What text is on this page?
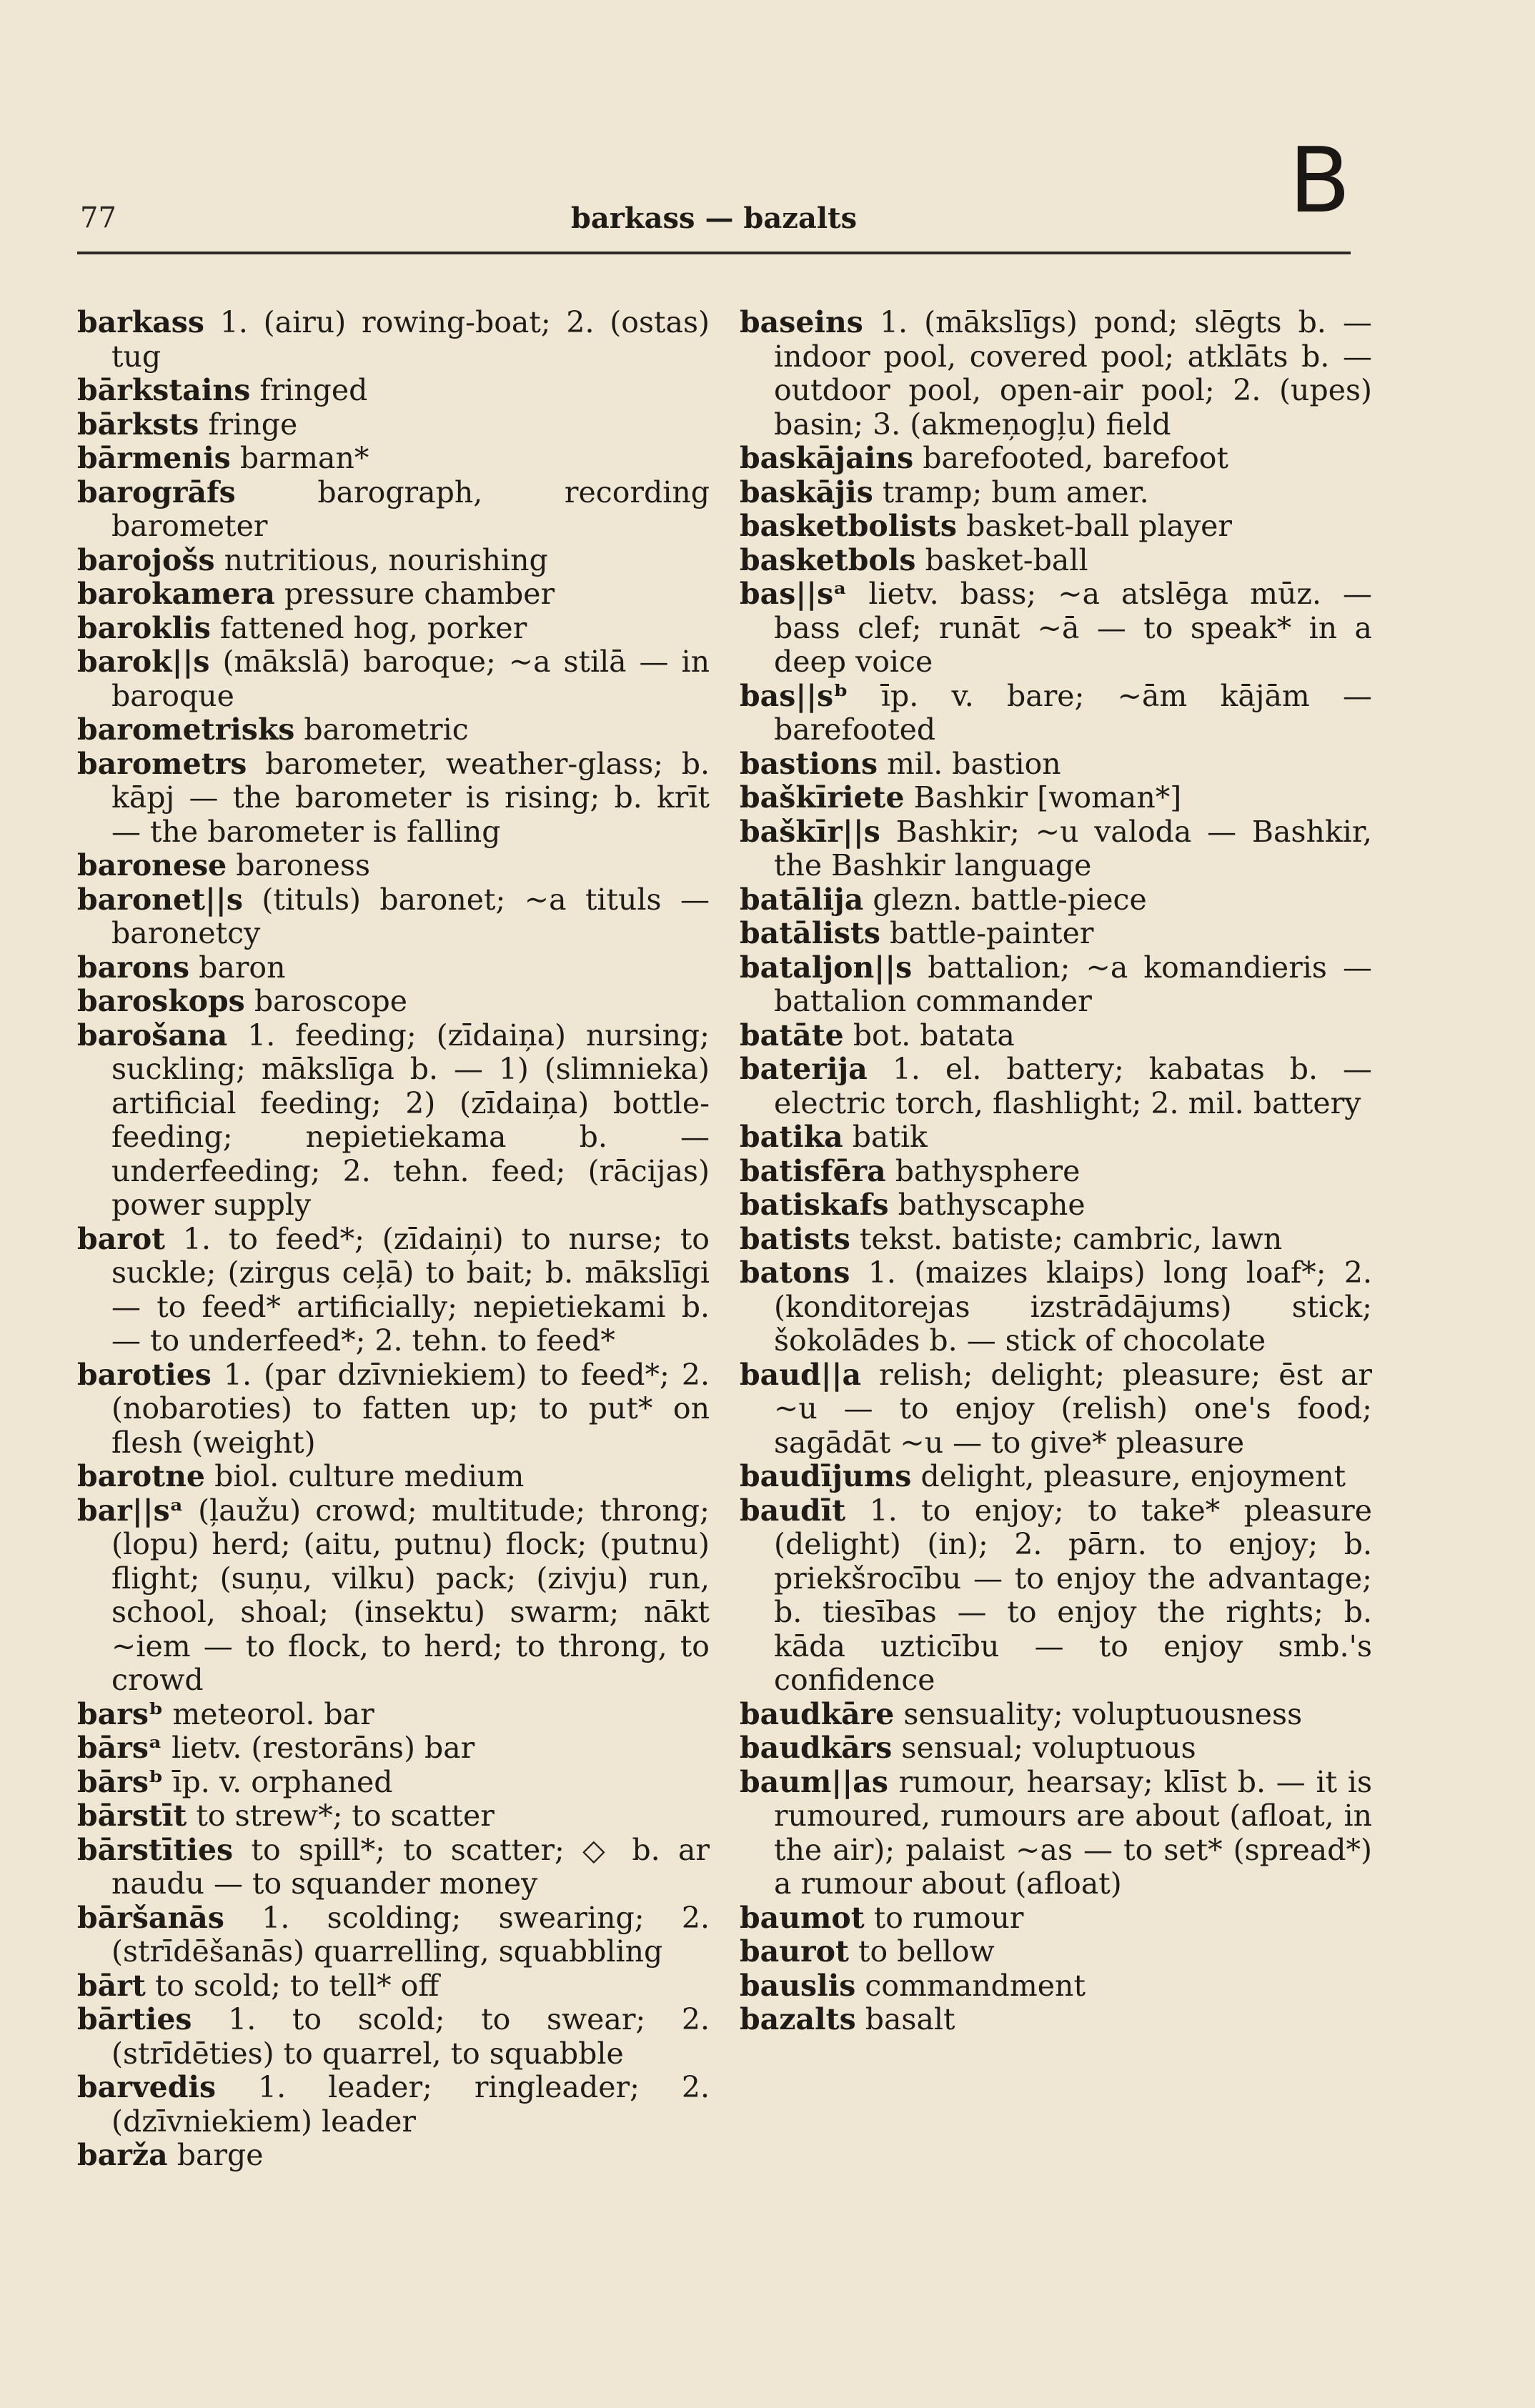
77	barkass — bazalts	B

barkass 1. (airu) rowing-boat; 2. (ostas) tug

bārkstains fringed

bārksts fringe

bārmenis barman*

barogrāfs	barograph, recording barometer

barojošs nutritious, nourishing

barokamera pressure chamber

baroklis fattened hog, porker

barok||s (mākslā) baroque; ~a stilā — in baroque

barometrisks barometric

barometrs barometer, weather-glass; b. kāpj — the barometer is rising; b. krīt — the barometer is falling

baronese baroness

baronet||s (tituls) baronet; ~a tituls — baronetcy

barons baron

baroskops baroscope

barošana 1. feeding; (zīdaiņa) nursing; suckling; mākslīga b. — 1) (slimnieka) artificial feeding; 2) (zīdaiņa) bottle-feeding; nepietiekama b. — underfeeding; 2. tehn. feed; (rācijas) power supply

barot 1. to feed*; (zīdaiņi) to nurse; to suckle; (zirgus ceļā) to bait; b. mākslīgi — to feed* artificially; nepietiekami b. — to underfeed*; 2. tehn. to feed*

baroties 1. (par dzīvniekiem) to feed*; 2. (nobaroties) to fatten up; to put* on flesh (weight)

barotne biol. culture medium

bar||sᵃ (ļaužu) crowd; multitude; throng; (lopu) herd; (aitu, putnu) flock; (putnu) flight; (suņu, vilku) pack; (zivju) run, school, shoal; (insektu) swarm; nākt ~iem — to flock, to herd; to throng, to crowd

barsᵇ meteorol. bar

bārsᵃ lietv. (restorāns) bar

bārsᵇ īp. v. orphaned

bārstīt to strew*; to scatter

bārstīties to spill*; to scatter; ◇ b. ar naudu — to squander money

bāršanās 1. scolding; swearing; 2. (strīdēšanās) quarrelling, squabbling

bārt to scold; to tell* off

bārties 1. to scold; to swear; 2. (strīdēties) to quarrel, to squabble

barvedis 1. leader; ringleader; 2. (dzīvniekiem) leader

barža barge

baseins 1. (mākslīgs) pond; slēgts b. — indoor pool, covered pool; atklāts b. — outdoor pool, open-air pool; 2. (upes) basin; 3. (akmeņogļu) field

baskājains barefooted, barefoot

baskājis tramp; bum amer.

basketbolists basket-ball player

basketbols basket-ball

bas||sᵃ lietv. bass; ~a atslēga mūz. — bass clef; runāt ~ā — to speak* in a deep voice

bas||sᵇ īp. v. bare; ~ām kājām — barefooted

bastions mil. bastion

baškīriete Bashkir [woman*]

baškīr||s Bashkir; ~u valoda — Bashkir, the Bashkir language

batālija glezn. battle-piece

batālists battle-painter

bataljon||s battalion; ~a komandieris — battalion commander

batāte bot. batata

baterija 1. el. battery; kabatas b. — electric torch, flashlight; 2. mil. battery

batika batik

batisfēra bathysphere

batiskafs bathyscaphe

batists tekst. batiste; cambric, lawn

batons 1. (maizes klaips) long loaf*; 2. (konditorejas izstrādājums) stick; šokolādes b. — stick of chocolate

baud||a relish; delight; pleasure; ēst ar ~u — to enjoy (relish) one's food; sagādāt ~u — to give* pleasure

baudījums delight, pleasure, enjoyment

baudīt 1. to enjoy; to take* pleasure (delight) (in); 2. pārn. to enjoy; b. priekšrocību — to enjoy the advantage; b. tiesības — to enjoy the rights; b. kāda uzticību — to enjoy smb.'s confidence

baudkāre sensuality; voluptuousness

baudkārs sensual; voluptuous

baum||as rumour, hearsay; klīst b. — it is rumoured, rumours are about (afloat, in the air); palaist ~as — to set* (spread*) a rumour about (afloat)

baumot to rumour

baurot to bellow

bauslis commandment

bazalts basalt
